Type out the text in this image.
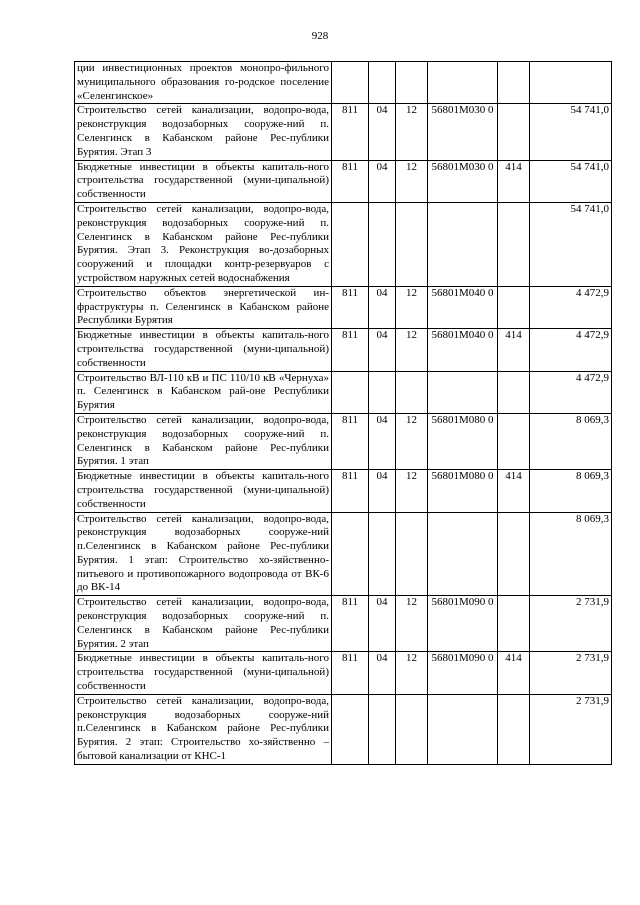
928
ции инвестиционных проектов монопро-фильного муниципального образования го-родское поселение «Селенгинское»						
Строительство сетей канализации, водопро-вода, реконструкция водозаборных сооруже-ний п. Селенгинск в Кабанском районе Рес-публики Бурятия. Этап 3	811	04	12	56801М030 0		54 741,0
Бюджетные инвестиции в объекты капиталь-ного строительства государственной (муни-ципальной) собственности	811	04	12	56801М030 0	414	54 741,0
Строительство сетей канализации, водопро-вода, реконструкция водозаборных сооруже-ний п. Селенгинск в Кабанском районе Рес-публики Бурятия. Этап 3. Реконструкция во-дозаборных сооружений и площадки контр-резервуаров с устройством наружных сетей водоснабжения						54 741,0
Строительство объектов энергетической ин-фраструктуры п. Селенгинск в Кабанском районе Республики Бурятия	811	04	12	56801М040 0		4 472,9
Бюджетные инвестиции в объекты капиталь-ного строительства государственной (муни-ципальной) собственности	811	04	12	56801М040 0	414	4 472,9
Строительство ВЛ-110 кВ и ПС 110/10 кВ «Чернуха» п. Селенгинск в Кабанском рай-оне Республики Бурятия						4 472,9
Строительство сетей канализации, водопро-вода, реконструкция водозаборных сооруже-ний п. Селенгинск в Кабанском районе Рес-публики Бурятия. 1 этап	811	04	12	56801М080 0		8 069,3
Бюджетные инвестиции в объекты капиталь-ного строительства государственной (муни-ципальной) собственности	811	04	12	56801М080 0	414	8 069,3
Строительство сетей канализации, водопро-вода, реконструкция водозаборных сооруже-ний п.Селенгинск в Кабанском районе Рес-публики Бурятия. 1 этап: Строительство хо-зяйственно-питьевого и противопожарного водопровода от ВК-6 до ВК-14						8 069,3
Строительство сетей канализации, водопро-вода, реконструкция водозаборных сооруже-ний п. Селенгинск в Кабанском районе Рес-публики Бурятия. 2 этап	811	04	12	56801М090 0		2 731,9
Бюджетные инвестиции в объекты капиталь-ного строительства государственной (муни-ципальной) собственности	811	04	12	56801М090 0	414	2 731,9
Строительство сетей канализации, водопро-вода, реконструкция водозаборных сооруже-ний п.Селенгинск в Кабанском районе Рес-публики Бурятия. 2 этап: Строительство хо-зяйственно – бытовой канализации от КНС-1						2 731,9
